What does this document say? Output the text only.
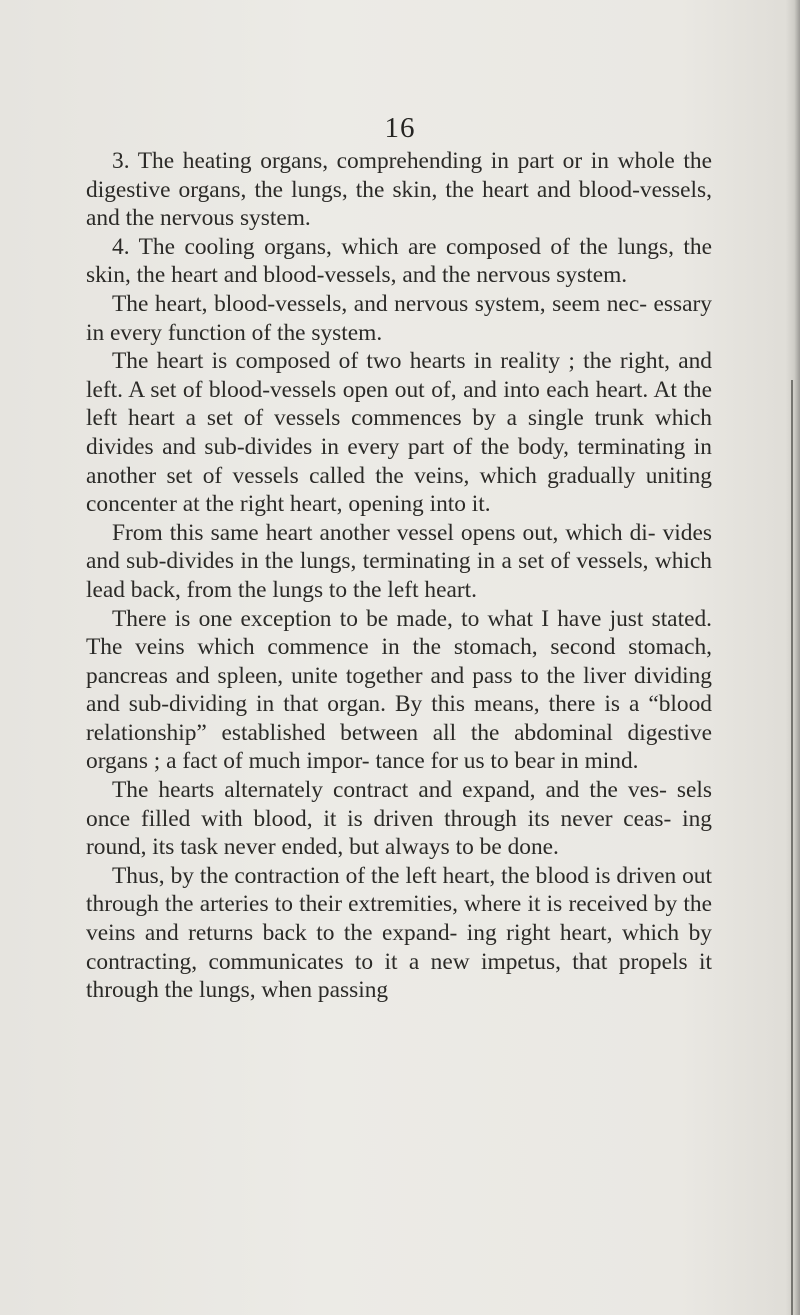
16

3. The heating organs, comprehending in part or in whole the digestive organs, the lungs, the skin, the heart and blood-vessels, and the nervous system.

4. The cooling organs, which are composed of the lungs, the skin, the heart and blood-vessels, and the nervous system.

The heart, blood-vessels, and nervous system, seem nec- essary in every function of the system.

The heart is composed of two hearts in reality ; the right, and left. A set of blood-vessels open out of, and into each heart. At the left heart a set of vessels commences by a single trunk which divides and sub-divides in every part of the body, terminating in another set of vessels called the veins, which gradually uniting concenter at the right heart, opening into it.

From this same heart another vessel opens out, which di- vides and sub-divides in the lungs, terminating in a set of vessels, which lead back, from the lungs to the left heart.

There is one exception to be made, to what I have just stated. The veins which commence in the stomach, second stomach, pancreas and spleen, unite together and pass to the liver dividing and sub-dividing in that organ. By this means, there is a “blood relationship” established between all the abdominal digestive organs ; a fact of much impor- tance for us to bear in mind.

The hearts alternately contract and expand, and the ves- sels once filled with blood, it is driven through its never ceas- ing round, its task never ended, but always to be done.

Thus, by the contraction of the left heart, the blood is driven out through the arteries to their extremities, where it is received by the veins and returns back to the expand- ing right heart, which by contracting, communicates to it a new impetus, that propels it through the lungs, when passing
